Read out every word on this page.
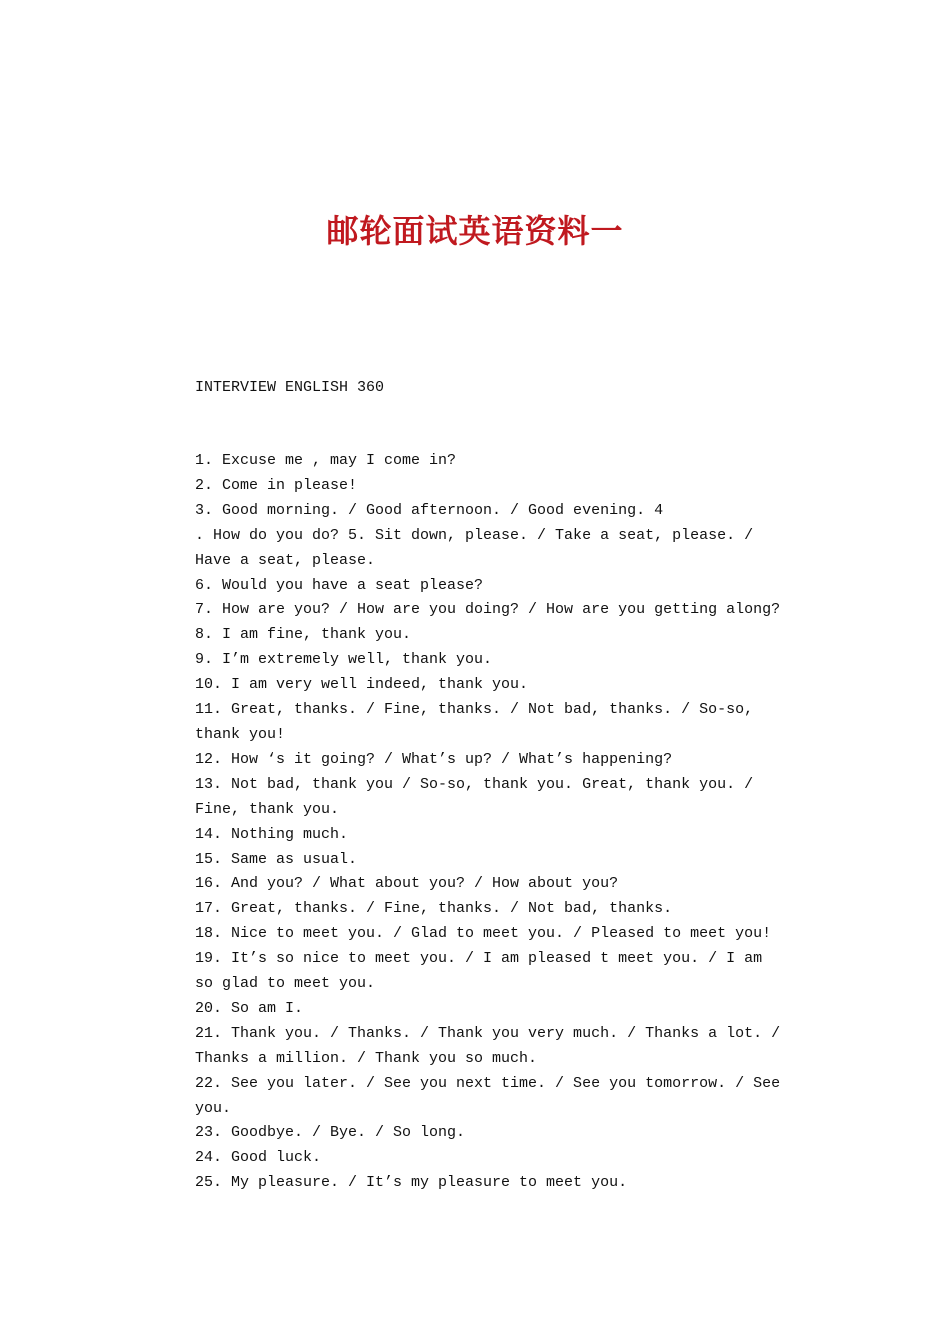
邮轮面试英语资料一
INTERVIEW ENGLISH 360
1. Excuse me , may I come in?
2. Come in please!
3. Good morning. / Good afternoon. / Good evening. 4
. How do you do? 5. Sit down, please. / Take a seat, please. /
Have a seat, please.
6. Would you have a seat please?
7. How are you? / How are you doing? / How are you getting along?
8. I am fine, thank you.
9. I’m extremely well, thank you.
10. I am very well indeed, thank you.
11. Great, thanks. / Fine, thanks. / Not bad, thanks. / So-so,
thank you!
12. How ‘s it going? / What’s up? / What’s happening?
13. Not bad, thank you / So-so, thank you. Great, thank you. /
Fine, thank you.
14. Nothing much.
15. Same as usual.
16. And you? / What about you? / How about you?
17. Great, thanks. / Fine, thanks. / Not bad, thanks.
18. Nice to meet you. / Glad to meet you. / Pleased to meet you!
19. It’s so nice to meet you. / I am pleased t meet you. / I am
so glad to meet you.
20. So am I.
21. Thank you. / Thanks. / Thank you very much. / Thanks a lot. /
Thanks a million. / Thank you so much.
22. See you later. / See you next time. / See you tomorrow. / See
you.
23. Goodbye. / Bye. / So long.
24. Good luck.
25. My pleasure. / It’s my pleasure to meet you.
